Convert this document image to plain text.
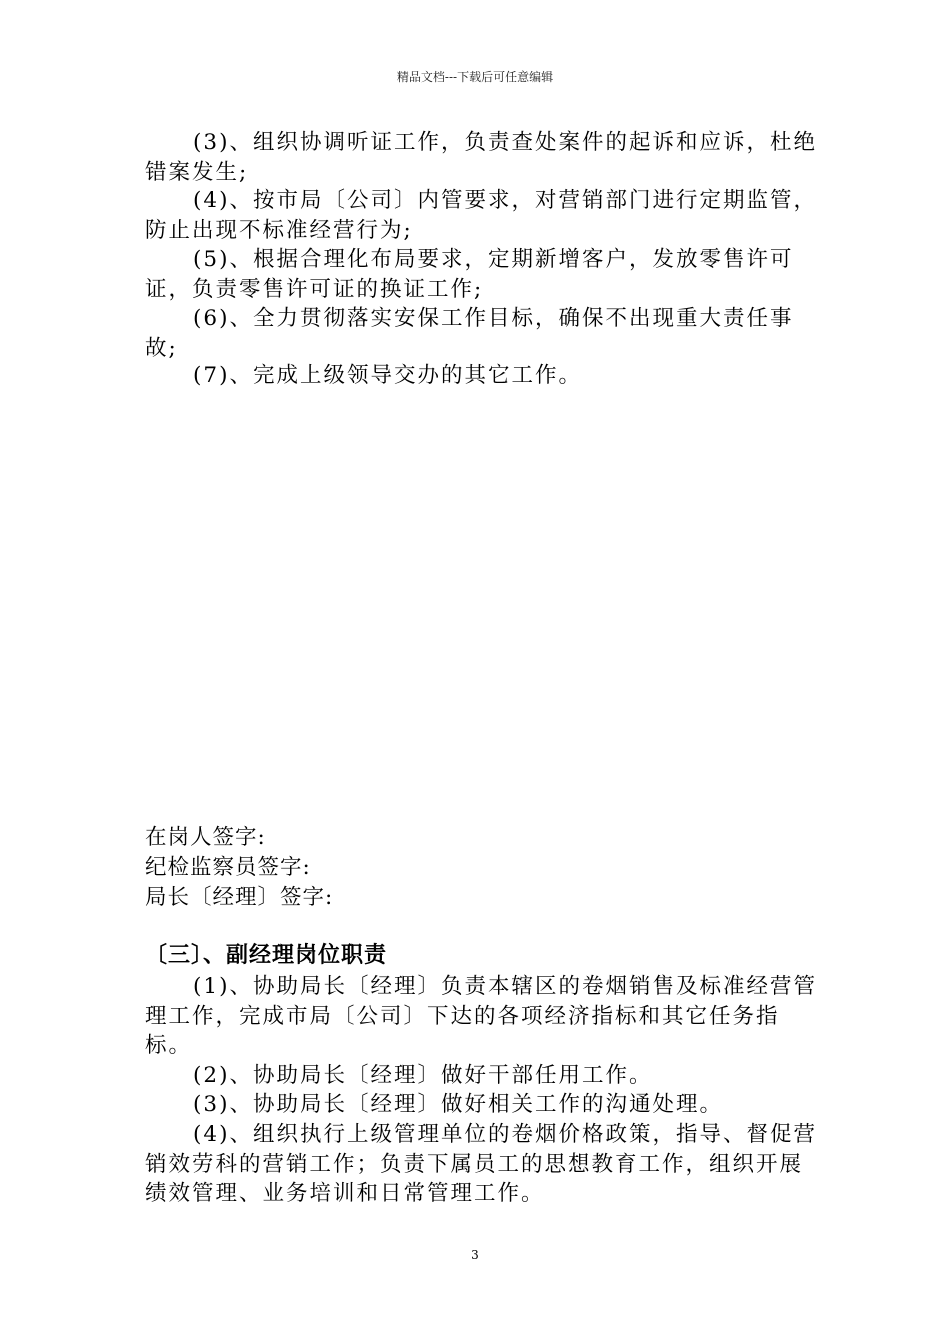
精品文档---下载后可任意编辑

(3)、组织协调听证工作，负责查处案件的起诉和应诉，杜绝错案发生;

(4)、按市局〔公司〕内管要求，对营销部门进行定期监管，防止出现不标准经营行为;

(5)、根据合理化布局要求，定期新增客户，发放零售许可证，负责零售许可证的换证工作;

(6)、全力贯彻落实安保工作目标，确保不出现重大责任事故;

(7)、完成上级领导交办的其它工作。

在岗人签字:

纪检监察员签字:

局长〔经理〕签字:

〔三〕、副经理岗位职责

(1)、协助局长〔经理〕负责本辖区的卷烟销售及标准经营管理工作，完成市局〔公司〕下达的各项经济指标和其它任务指标。

(2)、协助局长〔经理〕做好干部任用工作。

(3)、协助局长〔经理〕做好相关工作的沟通处理。

(4)、组织执行上级管理单位的卷烟价格政策，指导、督促营销效劳科的营销工作；负责下属员工的思想教育工作，组织开展绩效管理、业务培训和日常管理工作。

3
